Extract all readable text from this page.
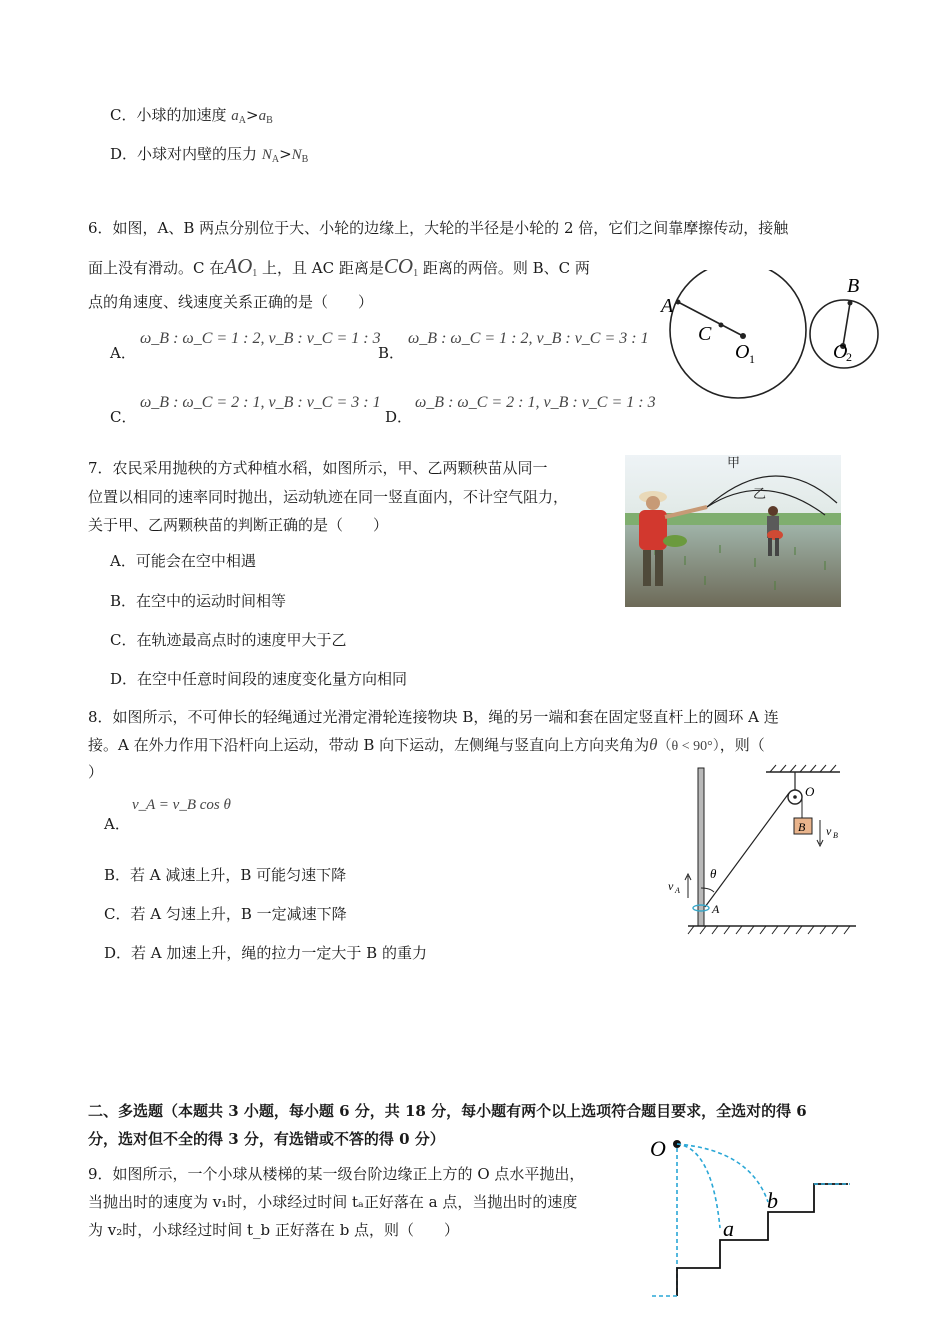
C．小球的加速度 $a_A>a_B$
D．小球对内壁的压力 $N_A>N_B$
6．如图，A、B 两点分别位于大、小轮的边缘上，大轮的半径是小轮的 2 倍，它们之间靠摩擦传动，接触
面上没有滑动。C 在$AO_1$ 上，且 AC 距离是$CO_1$ 距离的两倍。则 B、C 两
点的角速度、线速度关系正确的是（　　）
A．
ω_B : ω_C = 1 : 2, v_B : v_C = 1 : 3
B．
ω_B : ω_C = 1 : 2, v_B : v_C = 3 : 1
C．
ω_B : ω_C = 2 : 1, v_B : v_C = 3 : 1
D．
ω_B : ω_C = 2 : 1, v_B : v_C = 1 : 3
A
C
O 1	O
2
B
7．农民采用抛秧的方式种植水稻，如图所示，甲、乙两颗秧苗从同一
位置以相同的速率同时抛出，运动轨迹在同一竖直面内，不计空气阻力，
关于甲、乙两颗秧苗的判断正确的是（　　）
A．可能会在空中相遇
B．在空中的运动时间相等
C．在轨迹最高点时的速度甲大于乙
D．在空中任意时间段的速度变化量方向相同
甲
乙
8．如图所示，不可伸长的轻绳通过光滑定滑轮连接物块 B，绳的另一端和套在固定竖直杆上的圆环 A 连
接。A 在外力作用下沿杆向上运动，带动 B 向下运动，左侧绳与竖直向上方向夹角为θ（θ < 90°），则（
）
A．
v_A = v_B cos θ
B．若 A 减速上升，B 可能匀速下降
C．若 A 匀速上升，B 一定减速下降
D．若 A 加速上升，绳的拉力一定大于 B 的重力
B v B
O
θ
A
v A
二、多选题（本题共 3 小题，每小题 6 分，共 18 分，每小题有两个以上选项符合题目要求，全选对的得 6
分，选对但不全的得 3 分，有选错或不答的得 0 分）
9．如图所示，一个小球从楼梯的某一级台阶边缘正上方的 O 点水平抛出，
当抛出时的速度为 v₁时，小球经过时间 tₐ正好落在 a 点，当抛出时的速度
为 v₂时，小球经过时间 t_b 正好落在 b 点，则（　　）
O
a
b
